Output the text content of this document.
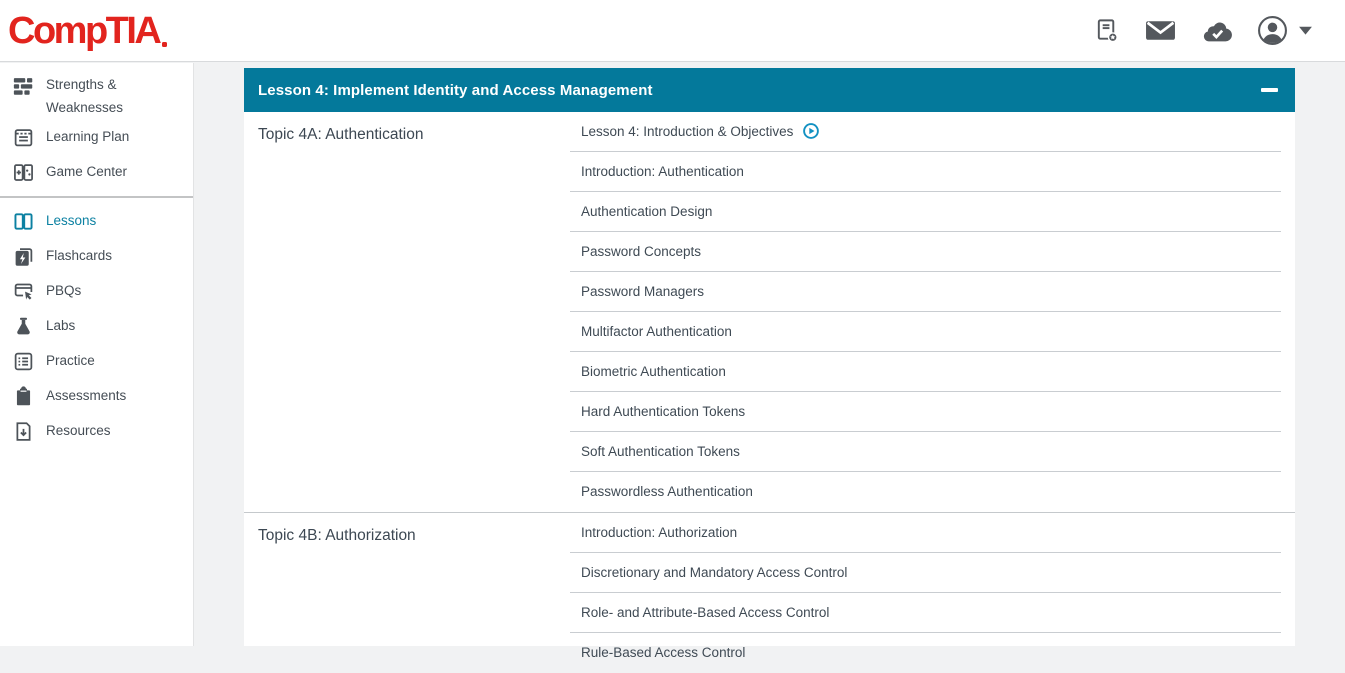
CompTIA
Strengths & Weaknesses
Learning Plan
Game Center
Lessons
Flashcards
PBQs
Labs
Practice
Assessments
Resources
Lesson 4: Implement Identity and Access Management
Topic 4A: Authentication	Lesson 4: Introduction & Objectives
Introduction: Authentication
Authentication Design
Password Concepts
Password Managers
Multifactor Authentication
Biometric Authentication
Hard Authentication Tokens
Soft Authentication Tokens
Passwordless Authentication
Topic 4B: Authorization	Introduction: Authorization
Discretionary and Mandatory Access Control
Role- and Attribute-Based Access Control
Rule-Based Access Control
